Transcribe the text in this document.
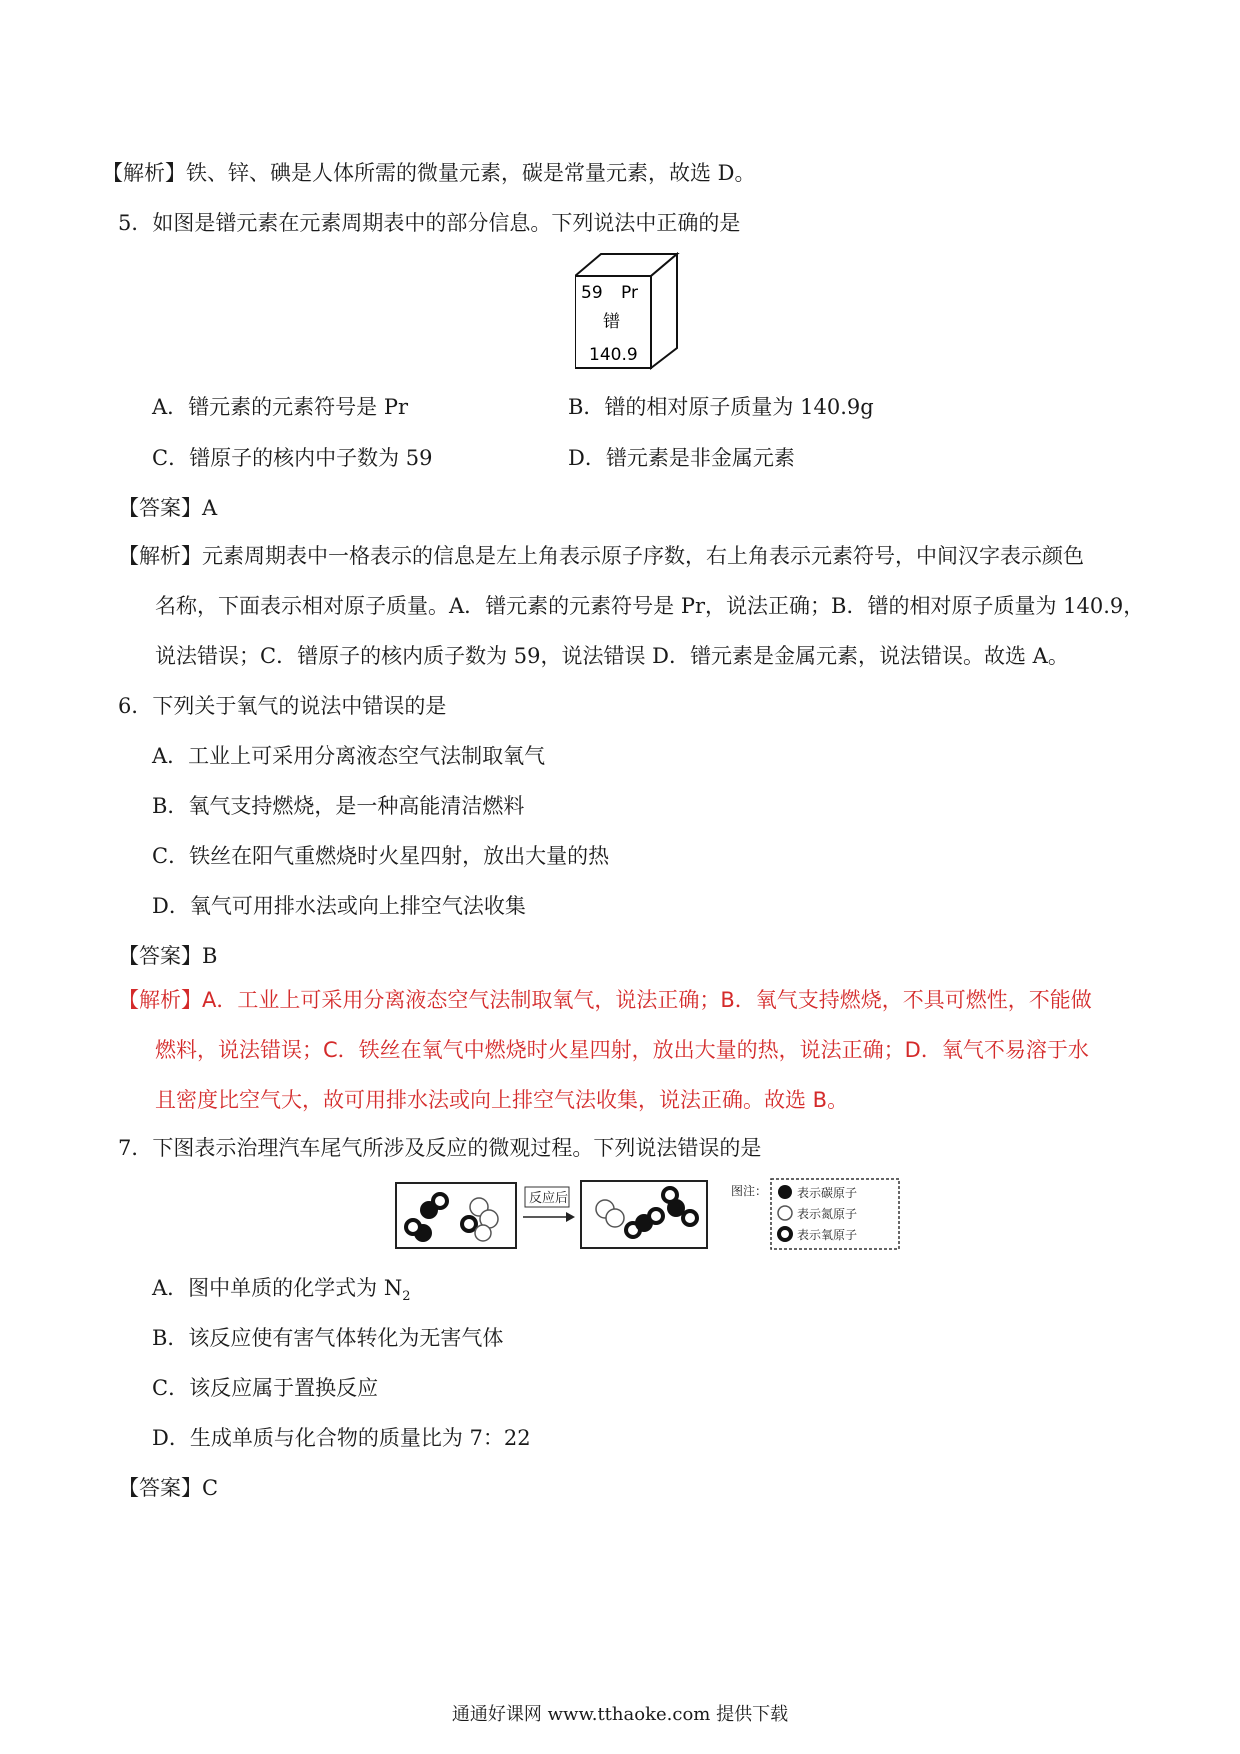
【解析】铁、锌、碘是人体所需的微量元素，碳是常量元素，故选 D。
5．如图是镨元素在元素周期表中的部分信息。下列说法中正确的是
59 Pr
镨
140.9
A．镨元素的元素符号是 Pr	B．镨的相对原子质量为 140.9g
C．镨原子的核内中子数为 59	D．镨元素是非金属元素
【答案】A
【解析】元素周期表中一格表示的信息是左上角表示原子序数，右上角表示元素符号，中间汉字表示颜色
名称，下面表示相对原子质量。A．镨元素的元素符号是 Pr，说法正确；B．镨的相对原子质量为 140.9，
说法错误；C．镨原子的核内质子数为 59，说法错误 D．镨元素是金属元素，说法错误。故选 A。
6．下列关于氧气的说法中错误的是
A．工业上可采用分离液态空气法制取氧气
B．氧气支持燃烧，是一种高能清洁燃料
C．铁丝在阳气重燃烧时火星四射，放出大量的热
D．氧气可用排水法或向上排空气法收集
【答案】B
【解析】A．工业上可采用分离液态空气法制取氧气，说法正确；B．氧气支持燃烧，不具可燃性，不能做
燃料，说法错误；C．铁丝在氧气中燃烧时火星四射，放出大量的热，说法正确；D．氧气不易溶于水
且密度比空气大，故可用排水法或向上排空气法收集，说法正确。故选 B。
7．下图表示治理汽车尾气所涉及反应的微观过程。下列说法错误的是
反应后	图注： 表示碳原子
表示氮原子
表示氧原子
A．图中单质的化学式为 $N_2$
B．该反应使有害气体转化为无害气体
C．该反应属于置换反应
D．生成单质与化合物的质量比为 7：22
【答案】C
通通好课网 www.tthaoke.com 提供下载
